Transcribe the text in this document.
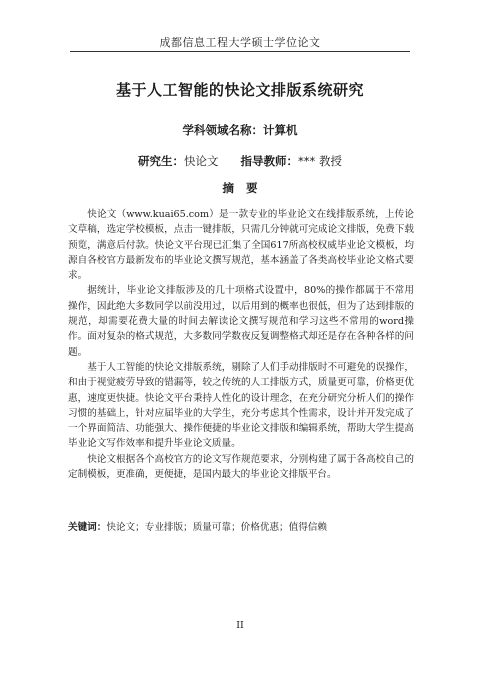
成都信息工程大学硕士学位论文
基于人工智能的快论文排版系统研究
学科领域名称：计算机
研究生：快论文 指导教师：*** 教授
摘要

快论文（www.kuai65.com）是一款专业的毕业论文在线排版系统，上传论文草稿，选定学校模板，点击一键排版，只需几分钟就可完成论文排版，免费下载预览，满意后付款。快论文平台现已汇集了全国617所高校权威毕业论文模板，均源自各校官方最新发布的毕业论文撰写规范，基本涵盖了各类高校毕业论文格式要求。

据统计，毕业论文排版涉及的几十项格式设置中，80%的操作都属于不常用操作，因此绝大多数同学以前没用过，以后用到的概率也很低，但为了达到排版的规范，却需要花费大量的时间去解读论文撰写规范和学习这些不常用的word操作。面对复杂的格式规范，大多数同学数夜反复调整格式却还是存在各种各样的问题。

基于人工智能的快论文排版系统，剔除了人们手动排版时不可避免的误操作，和由于视觉疲劳导致的错漏等，较之传统的人工排版方式，质量更可靠，价格更优惠，速度更快捷。快论文平台秉持人性化的设计理念，在充分研究分析人们的操作习惯的基础上，针对应届毕业的大学生，充分考虑其个性需求，设计并开发完成了一个界面简洁、功能强大、操作便捷的毕业论文排版和编辑系统，帮助大学生提高毕业论文写作效率和提升毕业论文质量。

快论文根据各个高校官方的论文写作规范要求，分别构建了属于各高校自己的定制模板，更准确，更便捷，是国内最大的毕业论文排版平台。

关键词：快论文；专业排版；质量可靠；价格优惠；值得信赖
II
